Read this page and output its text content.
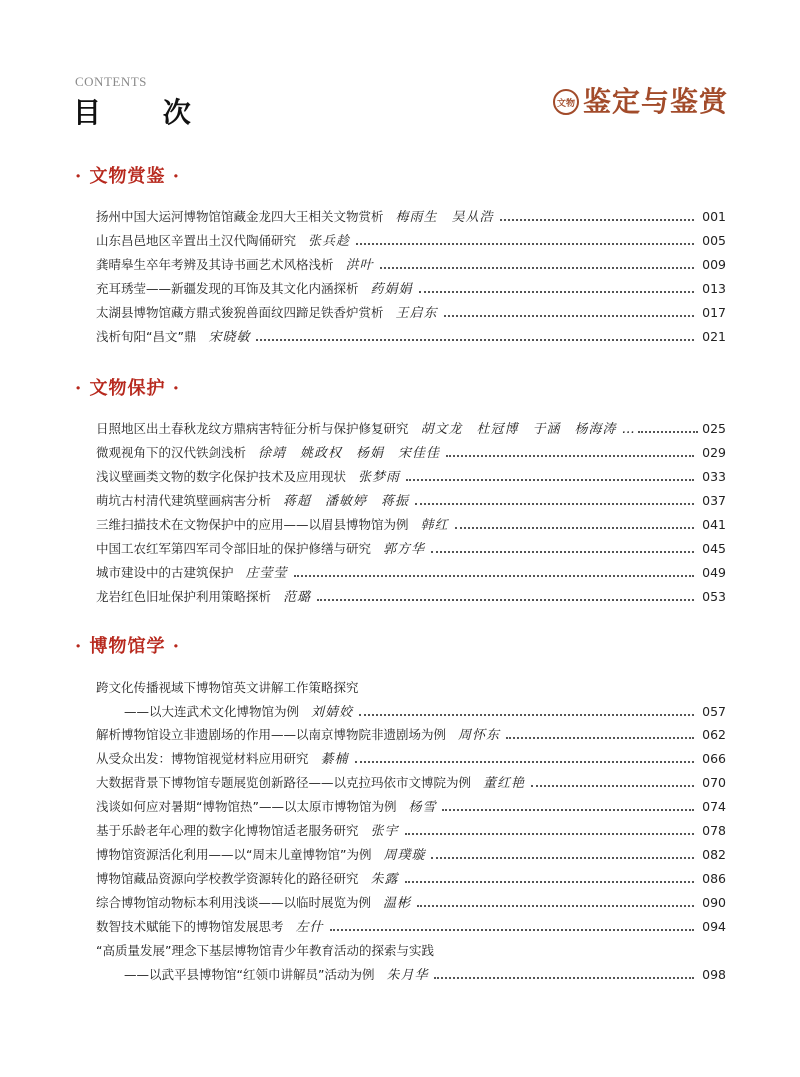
CONTENTS
目 次	文物 鉴定与鉴赏
· 文物赏鉴 ·
扬州中国大运河博物馆馆藏金龙四大王相关文物赏析 梅雨生　吴从浩	001
山东昌邑地区辛置出土汉代陶俑研究 张兵趁	005
龚晴皋生卒年考辨及其诗书画艺术风格浅析 洪叶	009
充耳琇莹——新疆发现的耳饰及其文化内涵探析 药娟娟	013
太湖县博物馆藏方鼎式狻猊兽面纹四蹄足铁香炉赏析 王启东	017
浅析旬阳“昌文”鼎 宋晓敏	021
· 文物保护 ·
日照地区出土春秋龙纹方鼎病害特征分析与保护修复研究 胡文龙　杜冠博　于涵　杨海涛 …	025
微观视角下的汉代铁剑浅析 徐靖　姚政权　杨娟　宋佳佳	029
浅议壁画类文物的数字化保护技术及应用现状 张梦雨	033
萌坑古村清代建筑壁画病害分析 蒋超　潘敏婷　蒋振	037
三维扫描技术在文物保护中的应用——以眉县博物馆为例 韩红	041
中国工农红军第四军司令部旧址的保护修缮与研究 郭方华	045
城市建设中的古建筑保护 庄莹莹	049
龙岩红色旧址保护利用策略探析 范璐	053
· 博物馆学 ·
跨文化传播视域下博物馆英文讲解工作策略探究
——以大连武术文化博物馆为例 刘婧姣	057
解析博物馆设立非遗剧场的作用——以南京博物院非遗剧场为例 周怀东	062
从受众出发：博物馆视觉材料应用研究 綦楠	066
大数据背景下博物馆专题展览创新路径——以克拉玛依市文博院为例 董红艳	070
浅谈如何应对暑期“博物馆热”——以太原市博物馆为例 杨雪	074
基于乐龄老年心理的数字化博物馆适老服务研究 张宇	078
博物馆资源活化利用——以“周末儿童博物馆”为例 周璞璇	082
博物馆藏品资源向学校教学资源转化的路径研究 朱露	086
综合博物馆动物标本利用浅谈——以临时展览为例 温彬	090
数智技术赋能下的博物馆发展思考 左什	094
“高质量发展”理念下基层博物馆青少年教育活动的探索与实践
——以武平县博物馆“红领巾讲解员”活动为例 朱月华	098
